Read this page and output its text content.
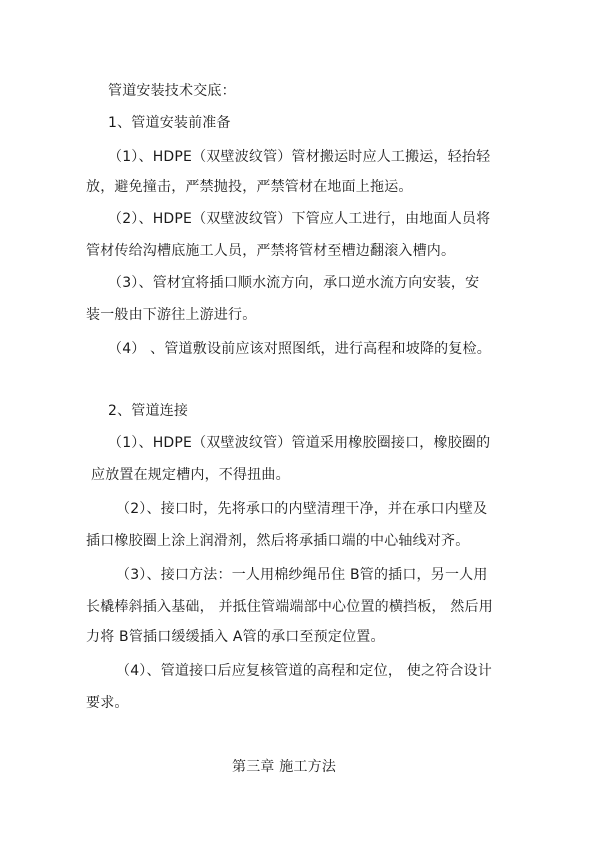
管道安装技术交底：
1、管道安装前准备
（1）、HDPE（双壁波纹管）管材搬运时应人工搬运，轻抬轻
放，避免撞击，严禁抛投，严禁管材在地面上拖运。
（2）、HDPE（双壁波纹管）下管应人工进行，由地面人员将
管材传给沟槽底施工人员，严禁将管材至槽边翻滚入槽内。
（3）、管材宜将插口顺水流方向，承口逆水流方向安装，安
装一般由下游往上游进行。
（4） 、管道敷设前应该对照图纸，进行高程和坡降的复检。
2、管道连接
（1）、HDPE（双壁波纹管）管道采用橡胶圈接口，橡胶圈的
应放置在规定槽内，不得扭曲。
（2）、接口时，先将承口的内壁清理干净，并在承口内壁及
插口橡胶圈上涂上润滑剂，然后将承插口端的中心轴线对齐。
（3）、接口方法：一人用棉纱绳吊住 B管的插口，另一人用
长橇棒斜插入基础， 并抵住管端端部中心位置的横挡板， 然后用
力将 B管插口缓缓插入 A管的承口至预定位置。
（4）、管道接口后应复核管道的高程和定位， 使之符合设计
要求。
第三章 施工方法
